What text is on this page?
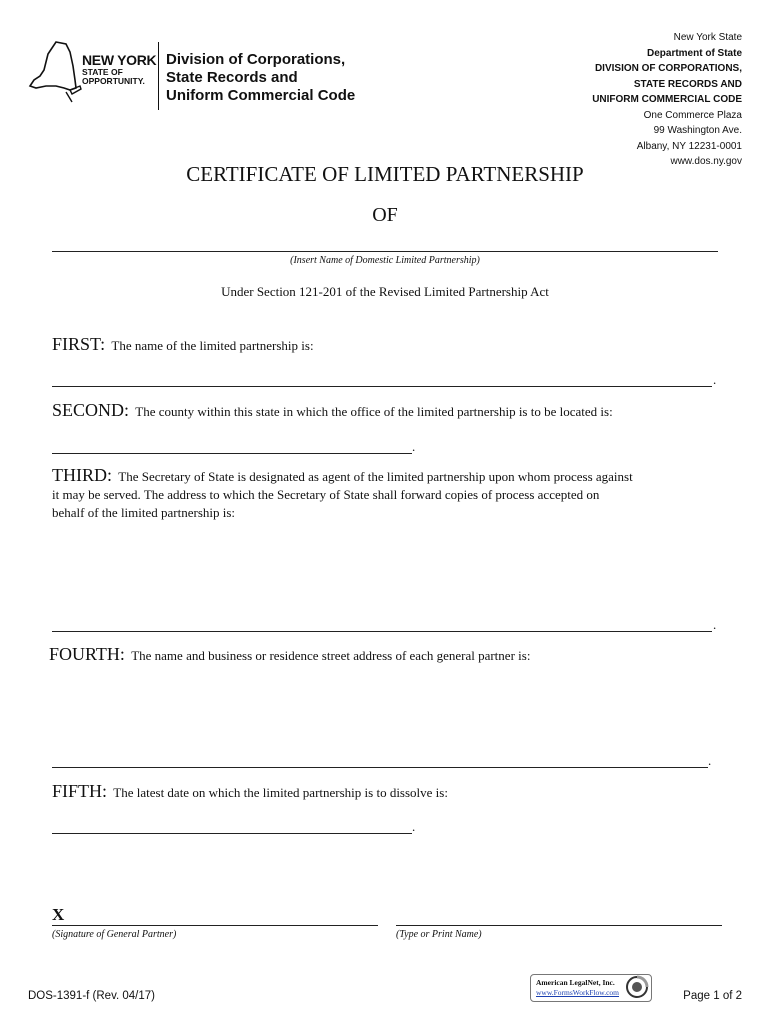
NEW YORK
STATE OF
OPPORTUNITY.
Division of Corporations,
State Records and
Uniform Commercial Code
New York State
Department of State
DIVISION OF CORPORATIONS,
STATE RECORDS AND
UNIFORM COMMERCIAL CODE
One Commerce Plaza
99 Washington Ave.
Albany, NY 12231-0001
www.dos.ny.gov
CERTIFICATE OF LIMITED PARTNERSHIP
OF
(Insert Name of Domestic Limited Partnership)
Under Section 121-201 of the Revised Limited Partnership Act
FIRST: The name of the limited partnership is:
.
SECOND: The county within this state in which the office of the limited partnership is to be located is:
.
THIRD: The Secretary of State is designated as agent of the limited partnership upon whom process against
it may be served. The address to which the Secretary of State shall forward copies of process accepted on
behalf of the limited partnership is:
.
FOURTH: The name and business or residence street address of each general partner is:
.
FIFTH: The latest date on which the limited partnership is to dissolve is:
.
X
(Signature of General Partner)	(Type or Print Name)
DOS-1391-f (Rev. 04/17)
American LegalNet, Inc.
www.FormsWorkFlow.com	Page 1 of 2
